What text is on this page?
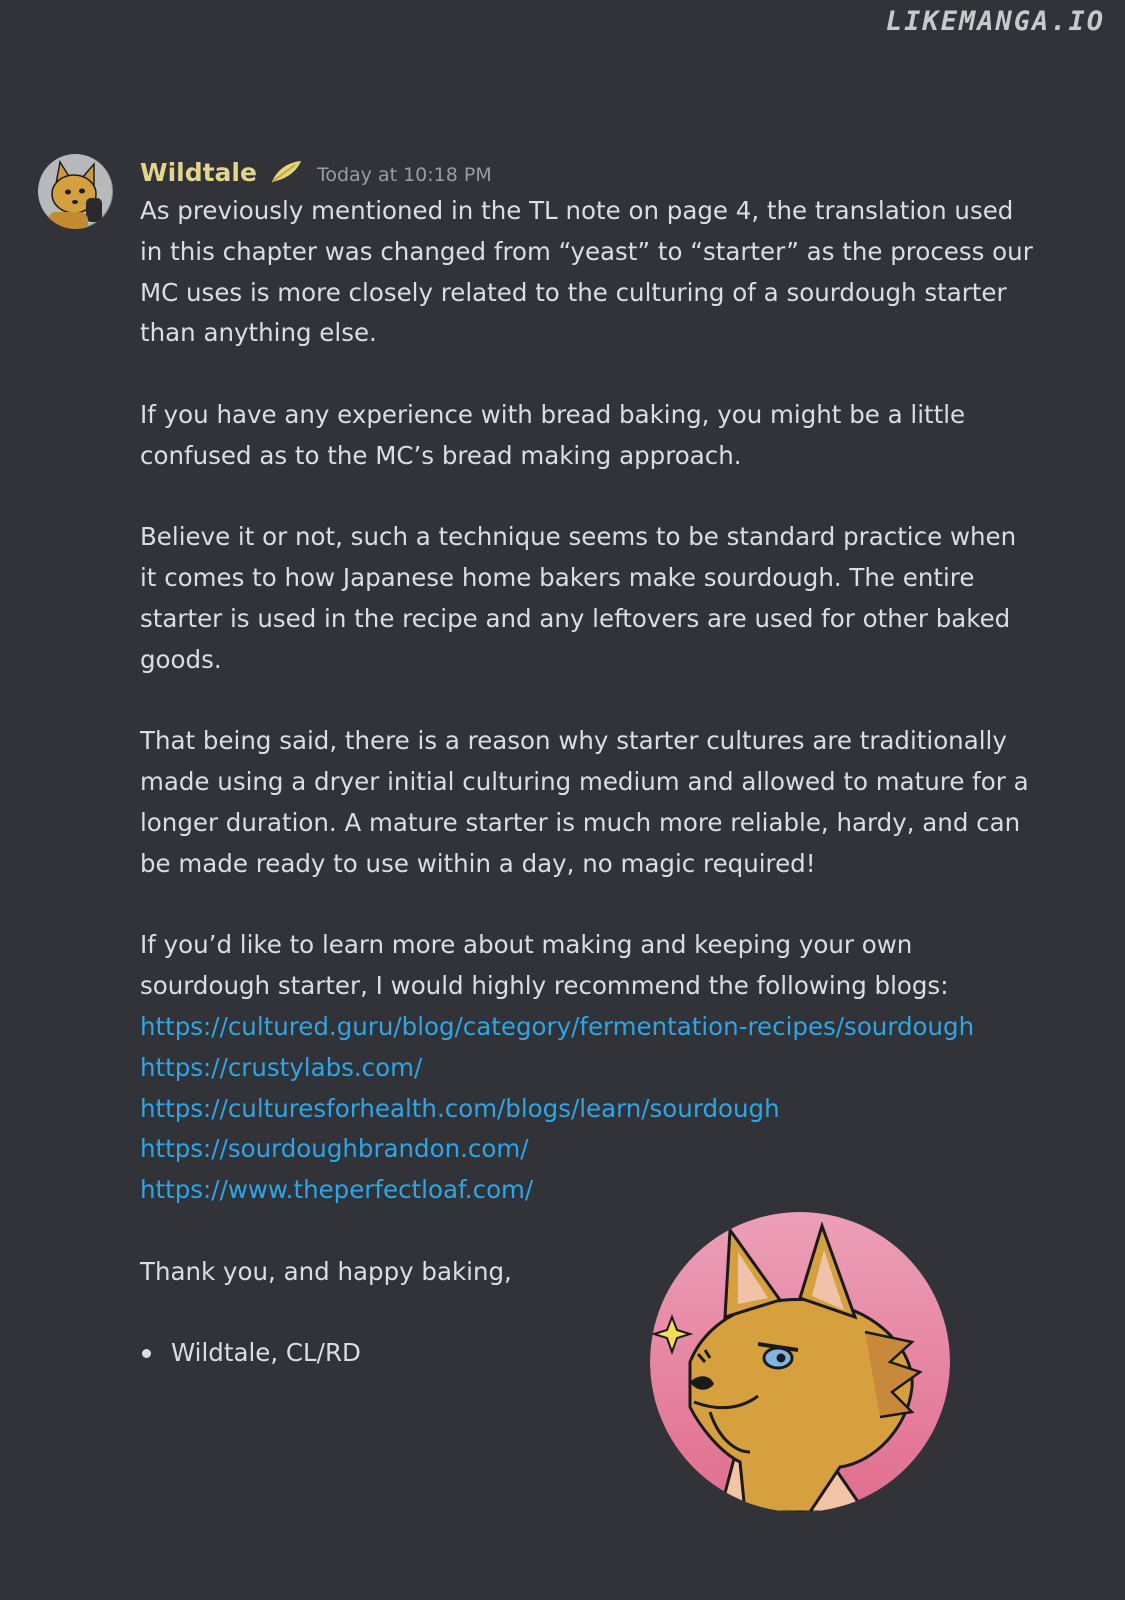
LIKEMANGA.IO
Wildtale	Today at 10:18 PM

As previously mentioned in the TL note on page 4, the translation used in this chapter was changed from “yeast” to “starter” as the process our MC uses is more closely related to the culturing of a sourdough starter than anything else.

If you have any experience with bread baking, you might be a little confused as to the MC’s bread making approach.

Believe it or not, such a technique seems to be standard practice when it comes to how Japanese home bakers make sourdough. The entire starter is used in the recipe and any leftovers are used for other baked goods.

That being said, there is a reason why starter cultures are traditionally made using a dryer initial culturing medium and allowed to mature for a longer duration. A mature starter is much more reliable, hardy, and can be made ready to use within a day, no magic required!

If you’d like to learn more about making and keeping your own sourdough starter, I would highly recommend the following blogs:

https://cultured.guru/blog/category/fermentation-recipes/sourdough
https://crustylabs.com/
https://culturesforhealth.com/blogs/learn/sourdough
https://sourdoughbrandon.com/
https://www.theperfectloaf.com/

Thank you, and happy baking,

Wildtale, CL/RD
